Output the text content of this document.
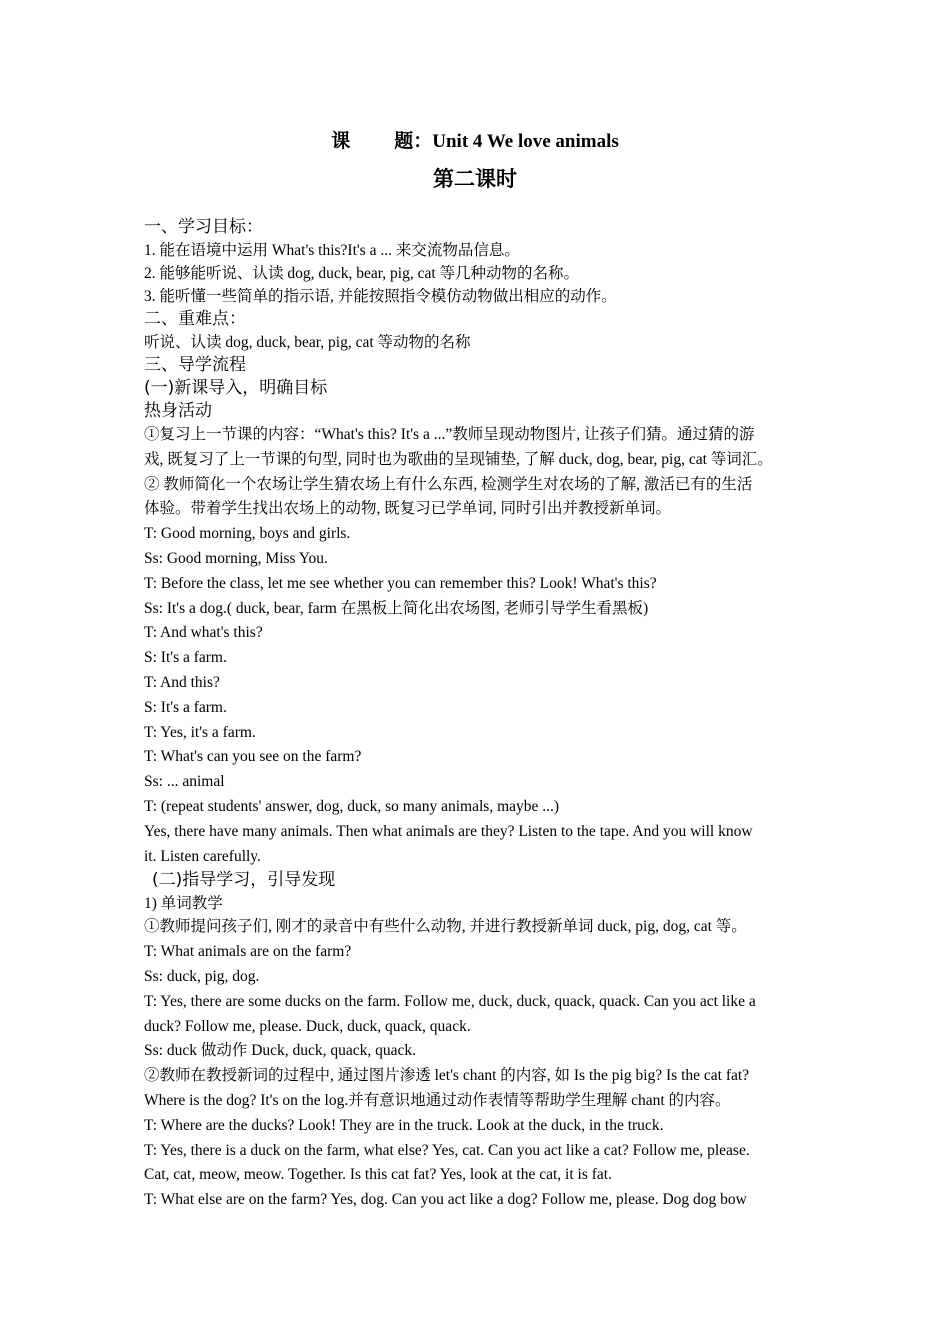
课 题：Unit 4 We love animals
第二课时
一、学习目标：
1. 能在语境中运用 What's this?It's a ... 来交流物品信息。
2. 能够能听说、认读 dog, duck, bear, pig, cat 等几种动物的名称。
3. 能听懂一些简单的指示语, 并能按照指令模仿动物做出相应的动作。
二、重难点：
听说、认读 dog, duck, bear, pig, cat 等动物的名称
三、导学流程
(一)新课导入，明确目标
热身活动
①复习上一节课的内容：“What's this? It's a ...”教师呈现动物图片, 让孩子们猜。通过猜的游
戏, 既复习了上一节课的句型, 同时也为歌曲的呈现铺垫, 了解 duck, dog, bear, pig, cat 等词汇。
② 教师简化一个农场让学生猜农场上有什么东西, 检测学生对农场的了解, 激活已有的生活
体验。带着学生找出农场上的动物, 既复习已学单词, 同时引出并教授新单词。
T: Good morning, boys and girls.
Ss: Good morning, Miss You.
T: Before the class, let me see whether you can remember this? Look! What's this?
Ss: It's a dog.( duck, bear, farm 在黑板上简化出农场图, 老师引导学生看黑板)
T: And what's this?
S: It's a farm.
T: And this?
S: It's a farm.
T: Yes, it's a farm.
T: What's can you see on the farm?
Ss: ... animal
T: (repeat students' answer, dog, duck, so many animals, maybe ...)
Yes, there have many animals. Then what animals are they? Listen to the tape. And you will know
it. Listen carefully.
(二)指导学习，引导发现
1) 单词教学
①教师提问孩子们, 刚才的录音中有些什么动物, 并进行教授新单词 duck, pig, dog, cat 等。
T: What animals are on the farm?
Ss: duck, pig, dog.
T: Yes, there are some ducks on the farm. Follow me, duck, duck, quack, quack. Can you act like a
duck? Follow me, please. Duck, duck, quack, quack.
Ss: duck 做动作 Duck, duck, quack, quack.
②教师在教授新词的过程中, 通过图片渗透 let's chant 的内容, 如 Is the pig big? Is the cat fat?
Where is the dog? It's on the log.并有意识地通过动作表情等帮助学生理解 chant 的内容。
T: Where are the ducks? Look! They are in the truck. Look at the duck, in the truck.
T: Yes, there is a duck on the farm, what else? Yes, cat. Can you act like a cat? Follow me, please.
Cat, cat, meow, meow. Together. Is this cat fat? Yes, look at the cat, it is fat.
T: What else are on the farm? Yes, dog. Can you act like a dog? Follow me, please. Dog dog bow
